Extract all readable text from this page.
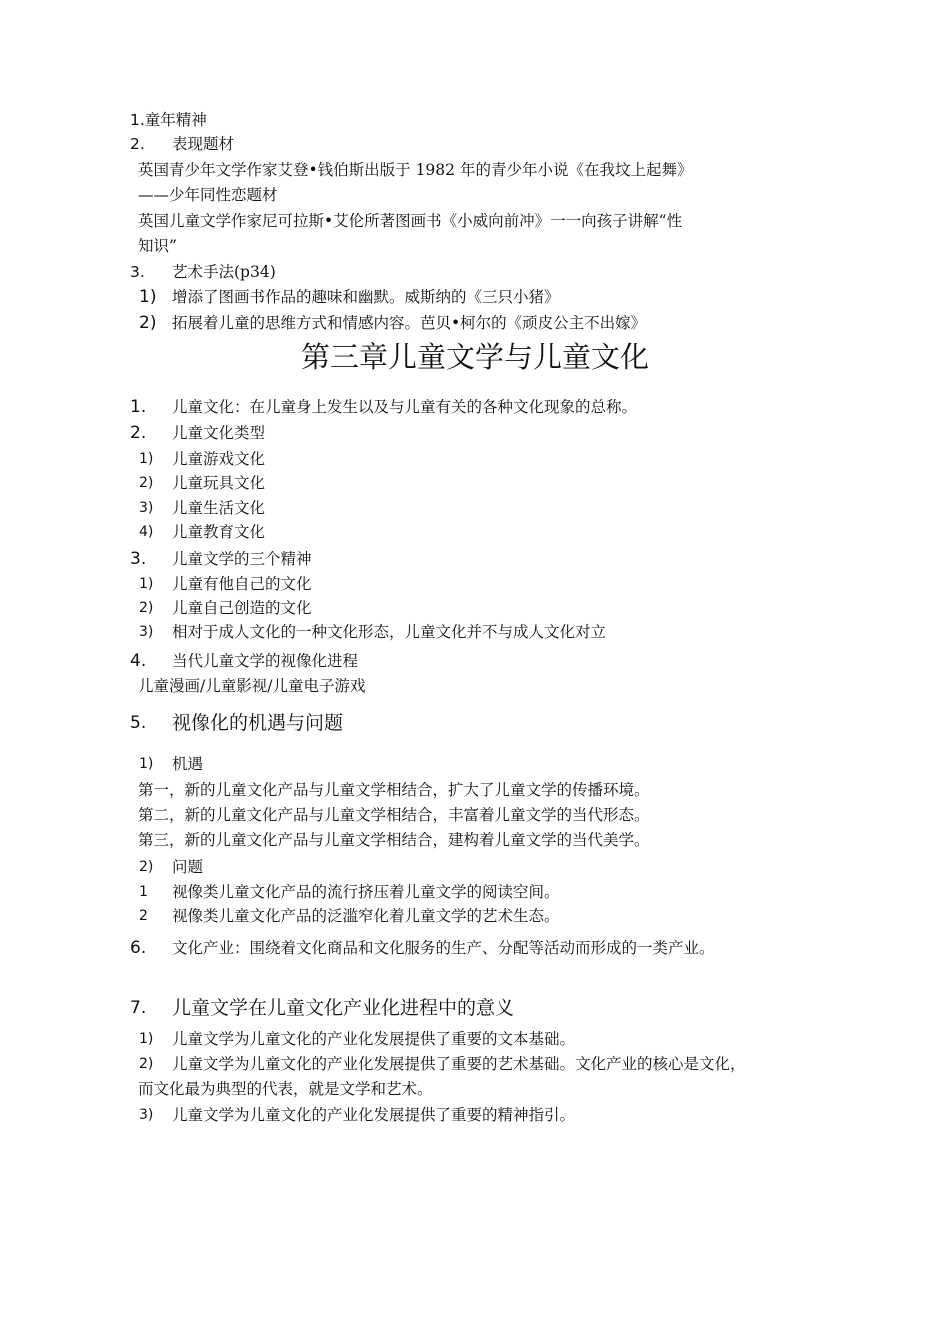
1.童年精神
2. 表现题材
英国青少年文学作家艾登•钱伯斯出版于 1982 年的青少年小说《在我坟上起舞》
——少年同性恋题材
英国儿童文学作家尼可拉斯•艾伦所著图画书《小威向前冲》一一向孩子讲解“性
知识”
3. 艺术手法(p34)
1) 增添了图画书作品的趣味和幽默。威斯纳的《三只小猪》
2) 拓展着儿童的思维方式和情感内容。芭贝•柯尔的《顽皮公主不出嫁》
第三章儿童文学与儿童文化
1. 儿童文化：在儿童身上发生以及与儿童有关的各种文化现象的总称。
2. 儿童文化类型
1) 儿童游戏文化
2) 儿童玩具文化
3) 儿童生活文化
4) 儿童教育文化
3. 儿童文学的三个精神
1) 儿童有他自己的文化
2) 儿童自己创造的文化
3) 相对于成人文化的一种文化形态，儿童文化并不与成人文化对立
4. 当代儿童文学的视像化进程
儿童漫画/儿童影视/儿童电子游戏
5. 视像化的机遇与问题
1) 机遇
第一，新的儿童文化产品与儿童文学相结合，扩大了儿童文学的传播环境。
第二，新的儿童文化产品与儿童文学相结合，丰富着儿童文学的当代形态。
第三，新的儿童文化产品与儿童文学相结合，建构着儿童文学的当代美学。
2) 问题
1 视像类儿童文化产品的流行挤压着儿童文学的阅读空间。
2 视像类儿童文化产品的泛滥窄化着儿童文学的艺术生态。
6. 文化产业：围绕着文化商品和文化服务的生产、分配等活动而形成的一类产业。
7. 儿童文学在儿童文化产业化进程中的意义
1) 儿童文学为儿童文化的产业化发展提供了重要的文本基础。
2) 儿童文学为儿童文化的产业化发展提供了重要的艺术基础。文化产业的核心是文化，
而文化最为典型的代表，就是文学和艺术。
3) 儿童文学为儿童文化的产业化发展提供了重要的精神指引。
